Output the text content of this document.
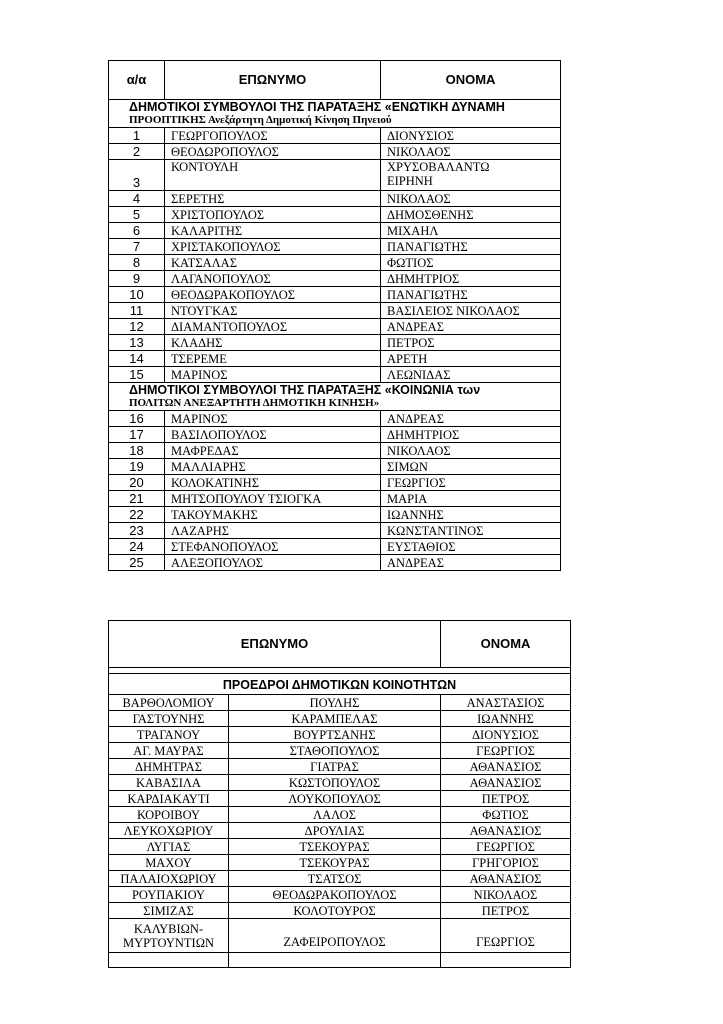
α/α	ΕΠΩΝΥΜΟ	ΟΝΟΜΑ

ΔΗΜΟΤΙΚΟΙ ΣΥΜΒΟΥΛΟΙ ΤΗΣ ΠΑΡΑΤΑΞΗΣ «ΕΝΩΤΙΚΗ ΔΥΝΑΜΗ
ΠΡΟΟΠΤΙΚΗΣ Ανεξάρτητη Δημοτική Κίνηση Πηνειού		

1	ΓΕΩΡΓΟΠΟΥΛΟΣ	ΔΙΟΝΥΣΙΟΣ
2	ΘΕΟΔΩΡΟΠΟΥΛΟΣ	ΝΙΚΟΛΑΟΣ
3	ΚΟΝΤΟΥΛΗ	ΧΡΥΣΟΒΑΛΑΝΤΩ
ΕΙΡΗΝΗ

4	ΣΕΡΕΤΗΣ	ΝΙΚΟΛΑΟΣ
5	ΧΡΙΣΤΟΠΟΥΛΟΣ	ΔΗΜΟΣΘΕΝΗΣ
6	ΚΑΛΑΡΙΤΗΣ	ΜΙΧΑΗΛ
7	ΧΡΙΣΤΑΚΟΠΟΥΛΟΣ	ΠΑΝΑΓΙΩΤΗΣ
8	ΚΑΤΣΑΛΑΣ	ΦΩΤΙΟΣ
9	ΛΑΓΑΝΟΠΟΥΛΟΣ	ΔΗΜΗΤΡΙΟΣ
10	ΘΕΟΔΩΡΑΚΟΠΟΥΛΟΣ	ΠΑΝΑΓΙΩΤΗΣ
11	ΝΤΟΥΓΚΑΣ	ΒΑΣΙΛΕΙΟΣ ΝΙΚΟΛΑΟΣ
12	ΔΙΑΜΑΝΤΟΠΟΥΛΟΣ	ΑΝΔΡΕΑΣ
13	ΚΛΑΔΗΣ	ΠΕΤΡΟΣ
14	ΤΣΕΡΕΜΕ	ΑΡΕΤΗ
15	ΜΑΡΙΝΟΣ	ΛΕΩΝΙΔΑΣ

ΔΗΜΟΤΙΚΟΙ ΣΥΜΒΟΥΛΟΙ ΤΗΣ ΠΑΡΑΤΑΞΗΣ «ΚΟΙΝΩΝΙΑ των
ΠΟΛΙΤΩΝ ΑΝΕΞΑΡΤΗΤΗ ΔΗΜΟΤΙΚΗ ΚΙΝΗΣΗ»		

16	ΜΑΡΙΝΟΣ	ΑΝΔΡΕΑΣ
17	ΒΑΣΙΛΟΠΟΥΛΟΣ	ΔΗΜΗΤΡΙΟΣ
18	ΜΑΦΡΕΔΑΣ	ΝΙΚΟΛΑΟΣ
19	ΜΑΛΛΙΑΡΗΣ	ΣΙΜΩΝ
20	ΚΟΛΟΚΑΤΙΝΗΣ	ΓΕΩΡΓΙΟΣ
21	ΜΗΤΣΟΠΟΥΛΟΥ ΤΣΙΟΓΚΑ	ΜΑΡΙΑ
22	ΤΑΚΟΥΜΑΚΗΣ	ΙΩΑΝΝΗΣ
23	ΛΑΖΑΡΗΣ	ΚΩΝΣΤΑΝΤΙΝΟΣ
24	ΣΤΕΦΑΝΟΠΟΥΛΟΣ	ΕΥΣΤΑΘΙΟΣ
25	ΑΛΕΞΟΠΟΥΛΟΣ	ΑΝΔΡΕΑΣ
ΕΠΩΝΥΜΟ		ΟΝΟΜΑ

ΠΡΟΕΔΡΟΙ ΔΗΜΟΤΙΚΩΝ ΚΟΙΝΟΤΗΤΩΝ		
ΒΑΡΘΟΛΟΜΙΟΥ	ΠΟΥΛΗΣ	ΑΝΑΣΤΑΣΙΟΣ
ΓΑΣΤΟΥΝΗΣ	ΚΑΡΑΜΠΕΛΑΣ	ΙΩΑΝΝΗΣ
ΤΡΑΓΑΝΟΥ	ΒΟΥΡΤΣΑΝΗΣ	ΔΙΟΝΥΣΙΟΣ
ΑΓ. ΜΑΥΡΑΣ	ΣΤΑΘΟΠΟΥΛΟΣ	ΓΕΩΡΓΙΟΣ
ΔΗΜΗΤΡΑΣ	ΓΙΑΤΡΑΣ	ΑΘΑΝΑΣΙΟΣ
ΚΑΒΑΣΙΛΑ	ΚΩΣΤΟΠΟΥΛΟΣ	ΑΘΑΝΑΣΙΟΣ
ΚΑΡΔΙΑΚΑΥΤΙ	ΛΟΥΚΟΠΟΥΛΟΣ	ΠΕΤΡΟΣ
ΚΟΡΟΙΒΟΥ	ΛΑΛΟΣ	ΦΩΤΙΟΣ
ΛΕΥΚΟΧΩΡΙΟΥ	ΔΡΟΥΛΙΑΣ	ΑΘΑΝΑΣΙΟΣ
ΛΥΓΙΑΣ	ΤΣΕΚΟΥΡΑΣ	ΓΕΩΡΓΙΟΣ
ΜΑΧΟΥ	ΤΣΕΚΟΥΡΑΣ	ΓΡΗΓΟΡΙΟΣ
ΠΑΛΑΙΟΧΩΡΙΟΥ	ΤΣΑΤΣΟΣ	ΑΘΑΝΑΣΙΟΣ
ΡΟΥΠΑΚΙΟΥ	ΘΕΟΔΩΡΑΚΟΠΟΥΛΟΣ	ΝΙΚΟΛΑΟΣ
ΣΙΜΙΖΑΣ	ΚΟΛΟΤΟΥΡΟΣ	ΠΕΤΡΟΣ

ΚΑΛΥΒΙΩΝ-
ΜΥΡΤΟΥΝΤΙΩΝ	ΖΑΦΕΙΡΟΠΟΥΛΟΣ	ΓΕΩΡΓΙΟΣ
